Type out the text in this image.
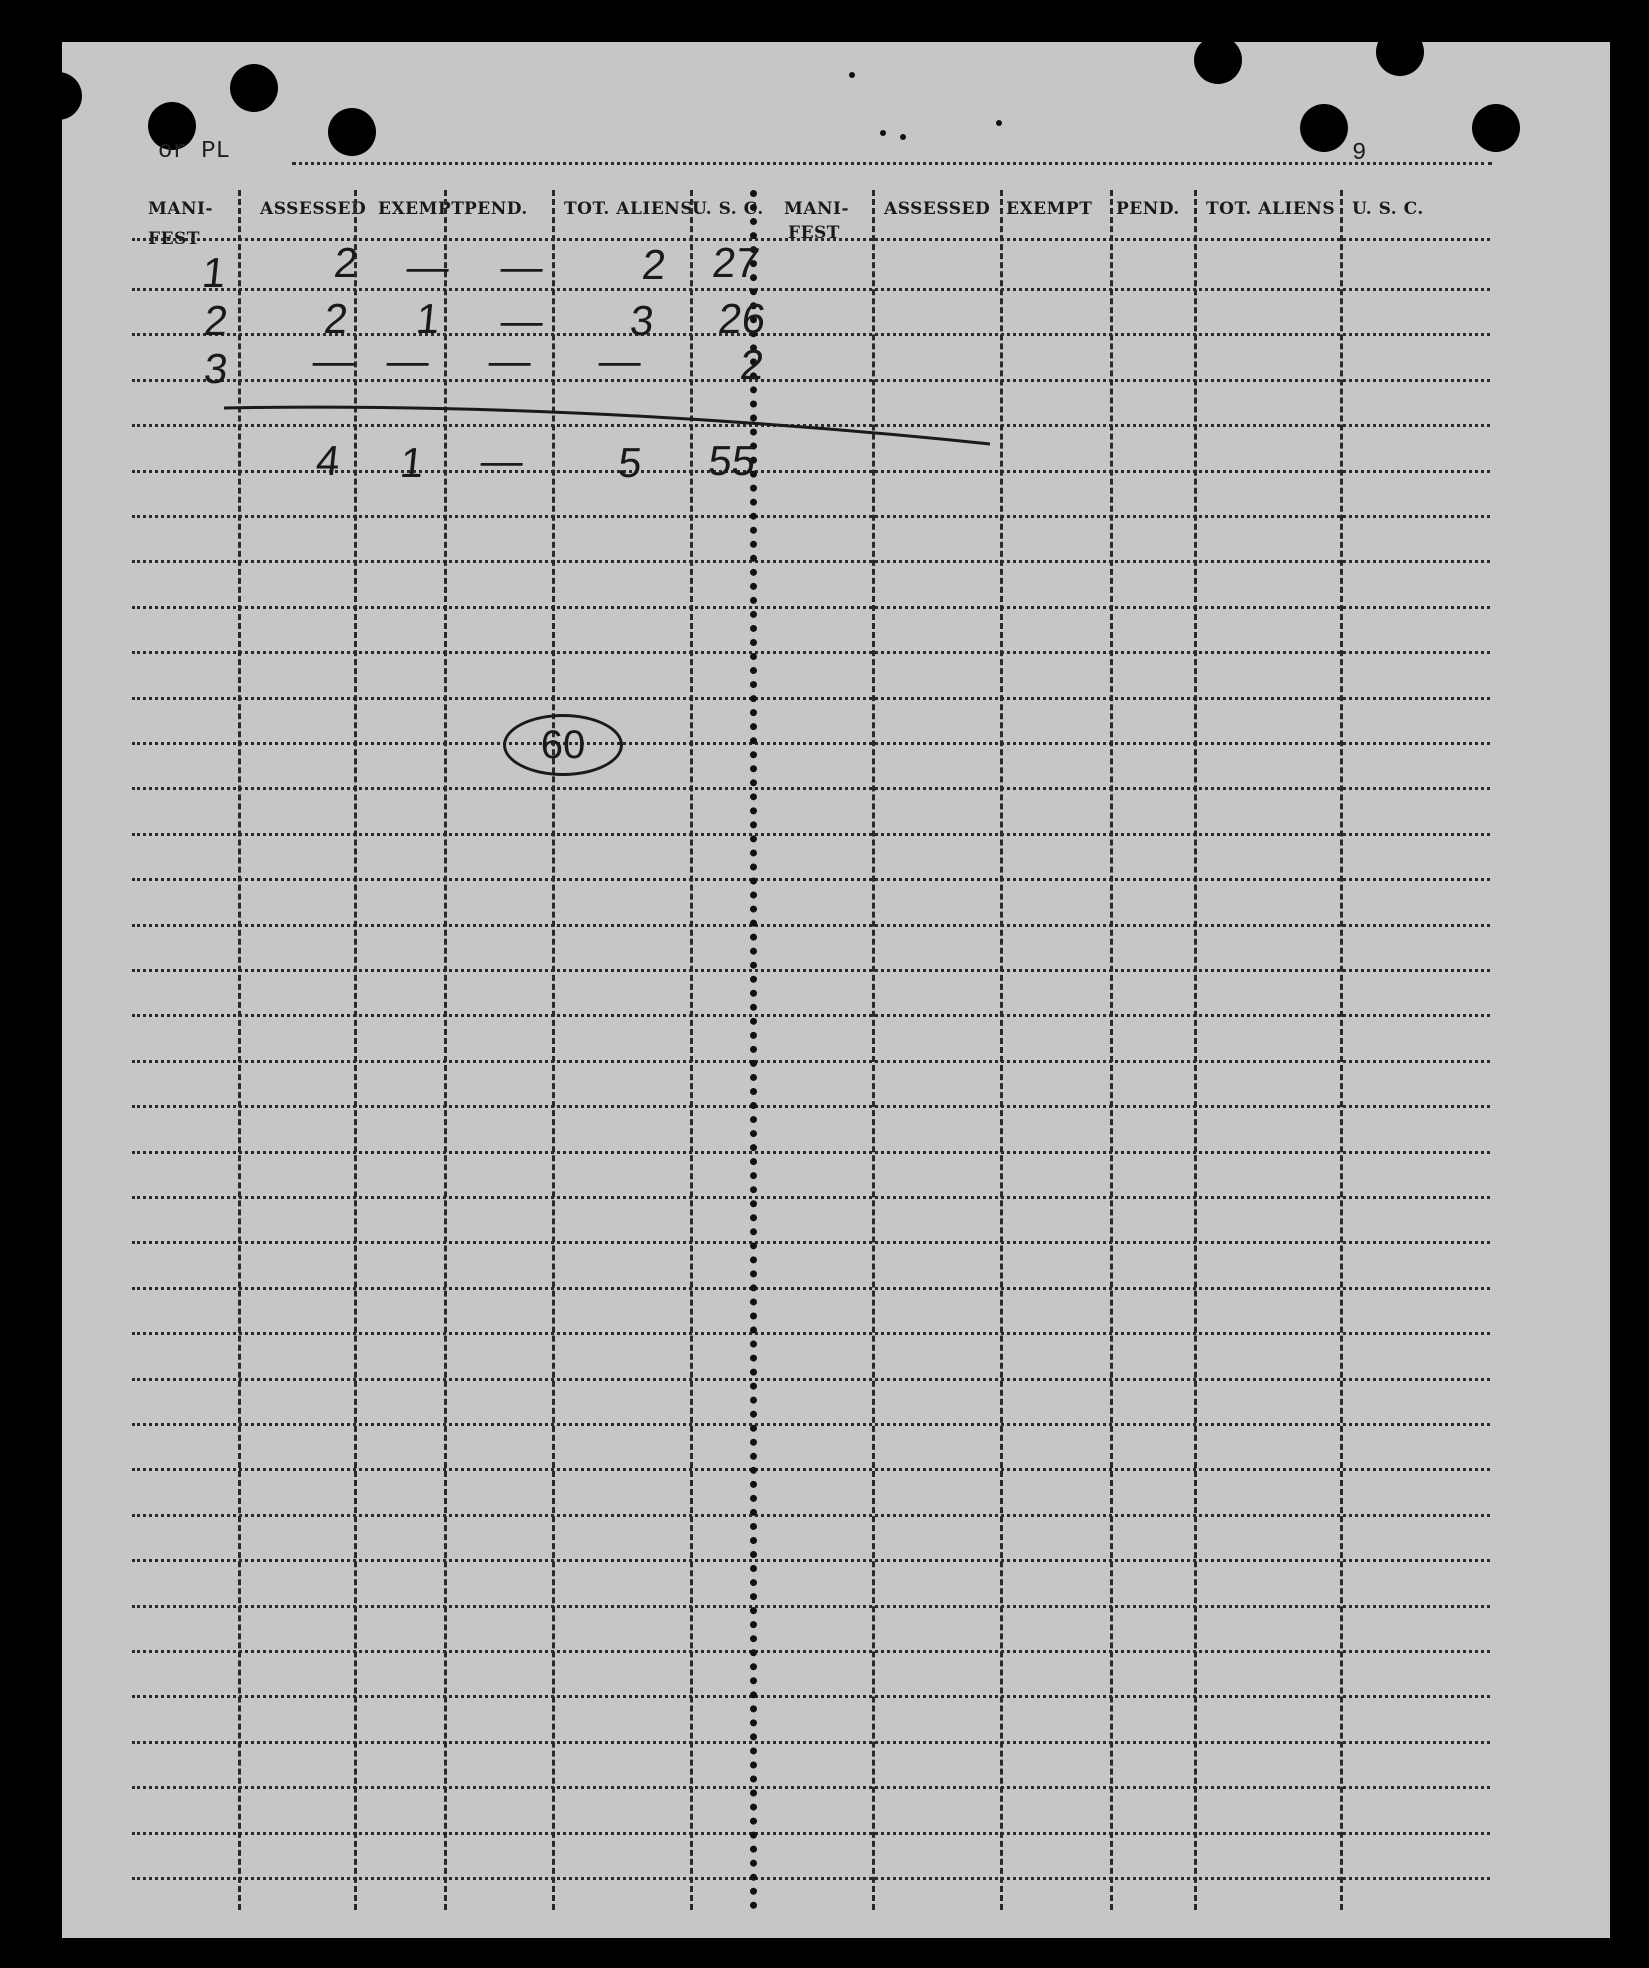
or PL	9
MANI-
FEST
ASSESSED EXEMPT PEND. TOT. ALIENS
U. S. C. MANI-
FEST
ASSESSED EXEMPT PEND. TOT. ALIENS U. S. C.
1 2 — — 2 27
2 2 1 — 3 26
3 — — — — 2
4 1 — 5 55
60
